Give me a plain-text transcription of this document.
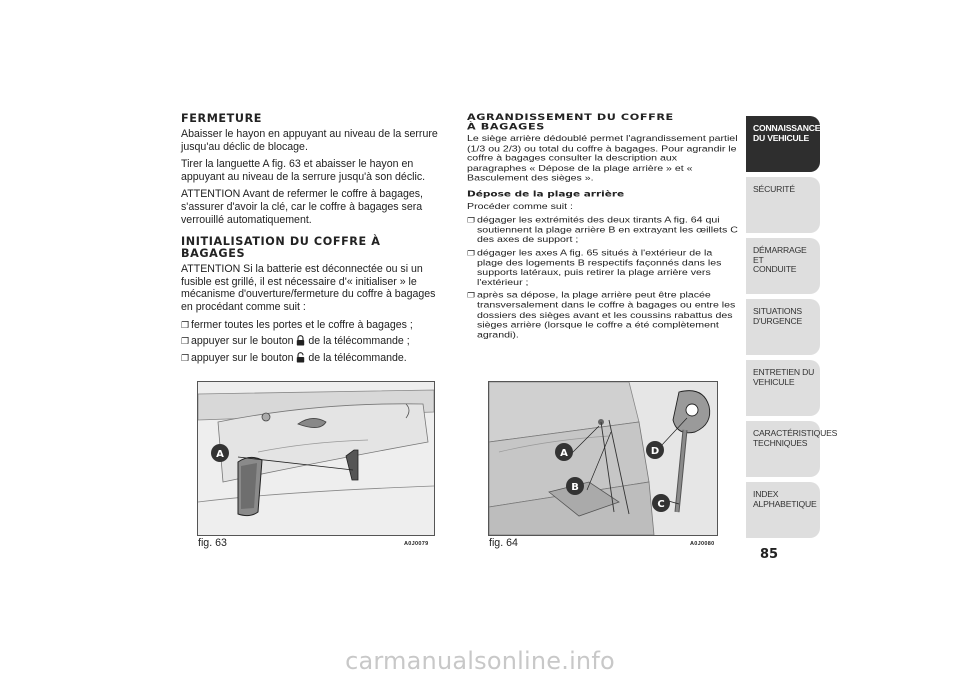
FERMETURE

Abaisser le hayon en appuyant au niveau de la serrure jusqu'au déclic de blocage.

Tirer la languette A fig. 63 et abaisser le hayon en appuyant au niveau de la serrure jusqu'à son déclic.

ATTENTION Avant de refermer le coffre à bagages, s'assurer d'avoir la clé, car le coffre à bagages sera verrouillé automatiquement.

INITIALISATION DU COFFRE À BAGAGES

ATTENTION Si la batterie est déconnectée ou si un fusible est grillé, il est nécessaire d'« initialiser » le mécanisme d'ouverture/fermeture du coffre à bagages en procédant comme suit :

❐ fermer toutes les portes et le coffre à bagages ;
❐ appuyer sur le bouton de la télécommande ;
❐ appuyer sur le bouton de la télécommande.
AGRANDISSEMENT DU COFFRE
À BAGAGES

Le siège arrière dédoublé permet l'agrandissement partiel (1/3 ou 2/3) ou total du coffre à bagages. Pour agrandir le coffre à bagages consulter la description aux paragraphes « Dépose de la plage arrière » et « Basculement des sièges ».

Dépose de la plage arrière

Procéder comme suit :

❐ dégager les extrémités des deux tirants A fig. 64 qui soutiennent la plage arrière B en extrayant les œillets C des axes de support ;
❐ dégager les axes A fig. 65 situés à l'extérieur de la plage des logements B respectifs façonnés dans les supports latéraux, puis retirer la plage arrière vers l'extérieur ;
❐ après sa dépose, la plage arrière peut être placée transversalement dans le coffre à bagages ou entre les dossiers des sièges avant et les coussins rabattus des sièges arrière (lorsque le coffre a été complètement agrandi).
A
fig. 63	A0J0079
A
B
D
C
fig. 64	A0J0080
CONNAISSANCE
DU VEHICULE
SÉCURITÉ
DÉMARRAGE ET
CONDUITE
SITUATIONS
D'URGENCE
ENTRETIEN DU
VEHICULE
CARACTÉRISTIQUES
TECHNIQUES
INDEX
ALPHABETIQUE
85
carmanualsonline.info
